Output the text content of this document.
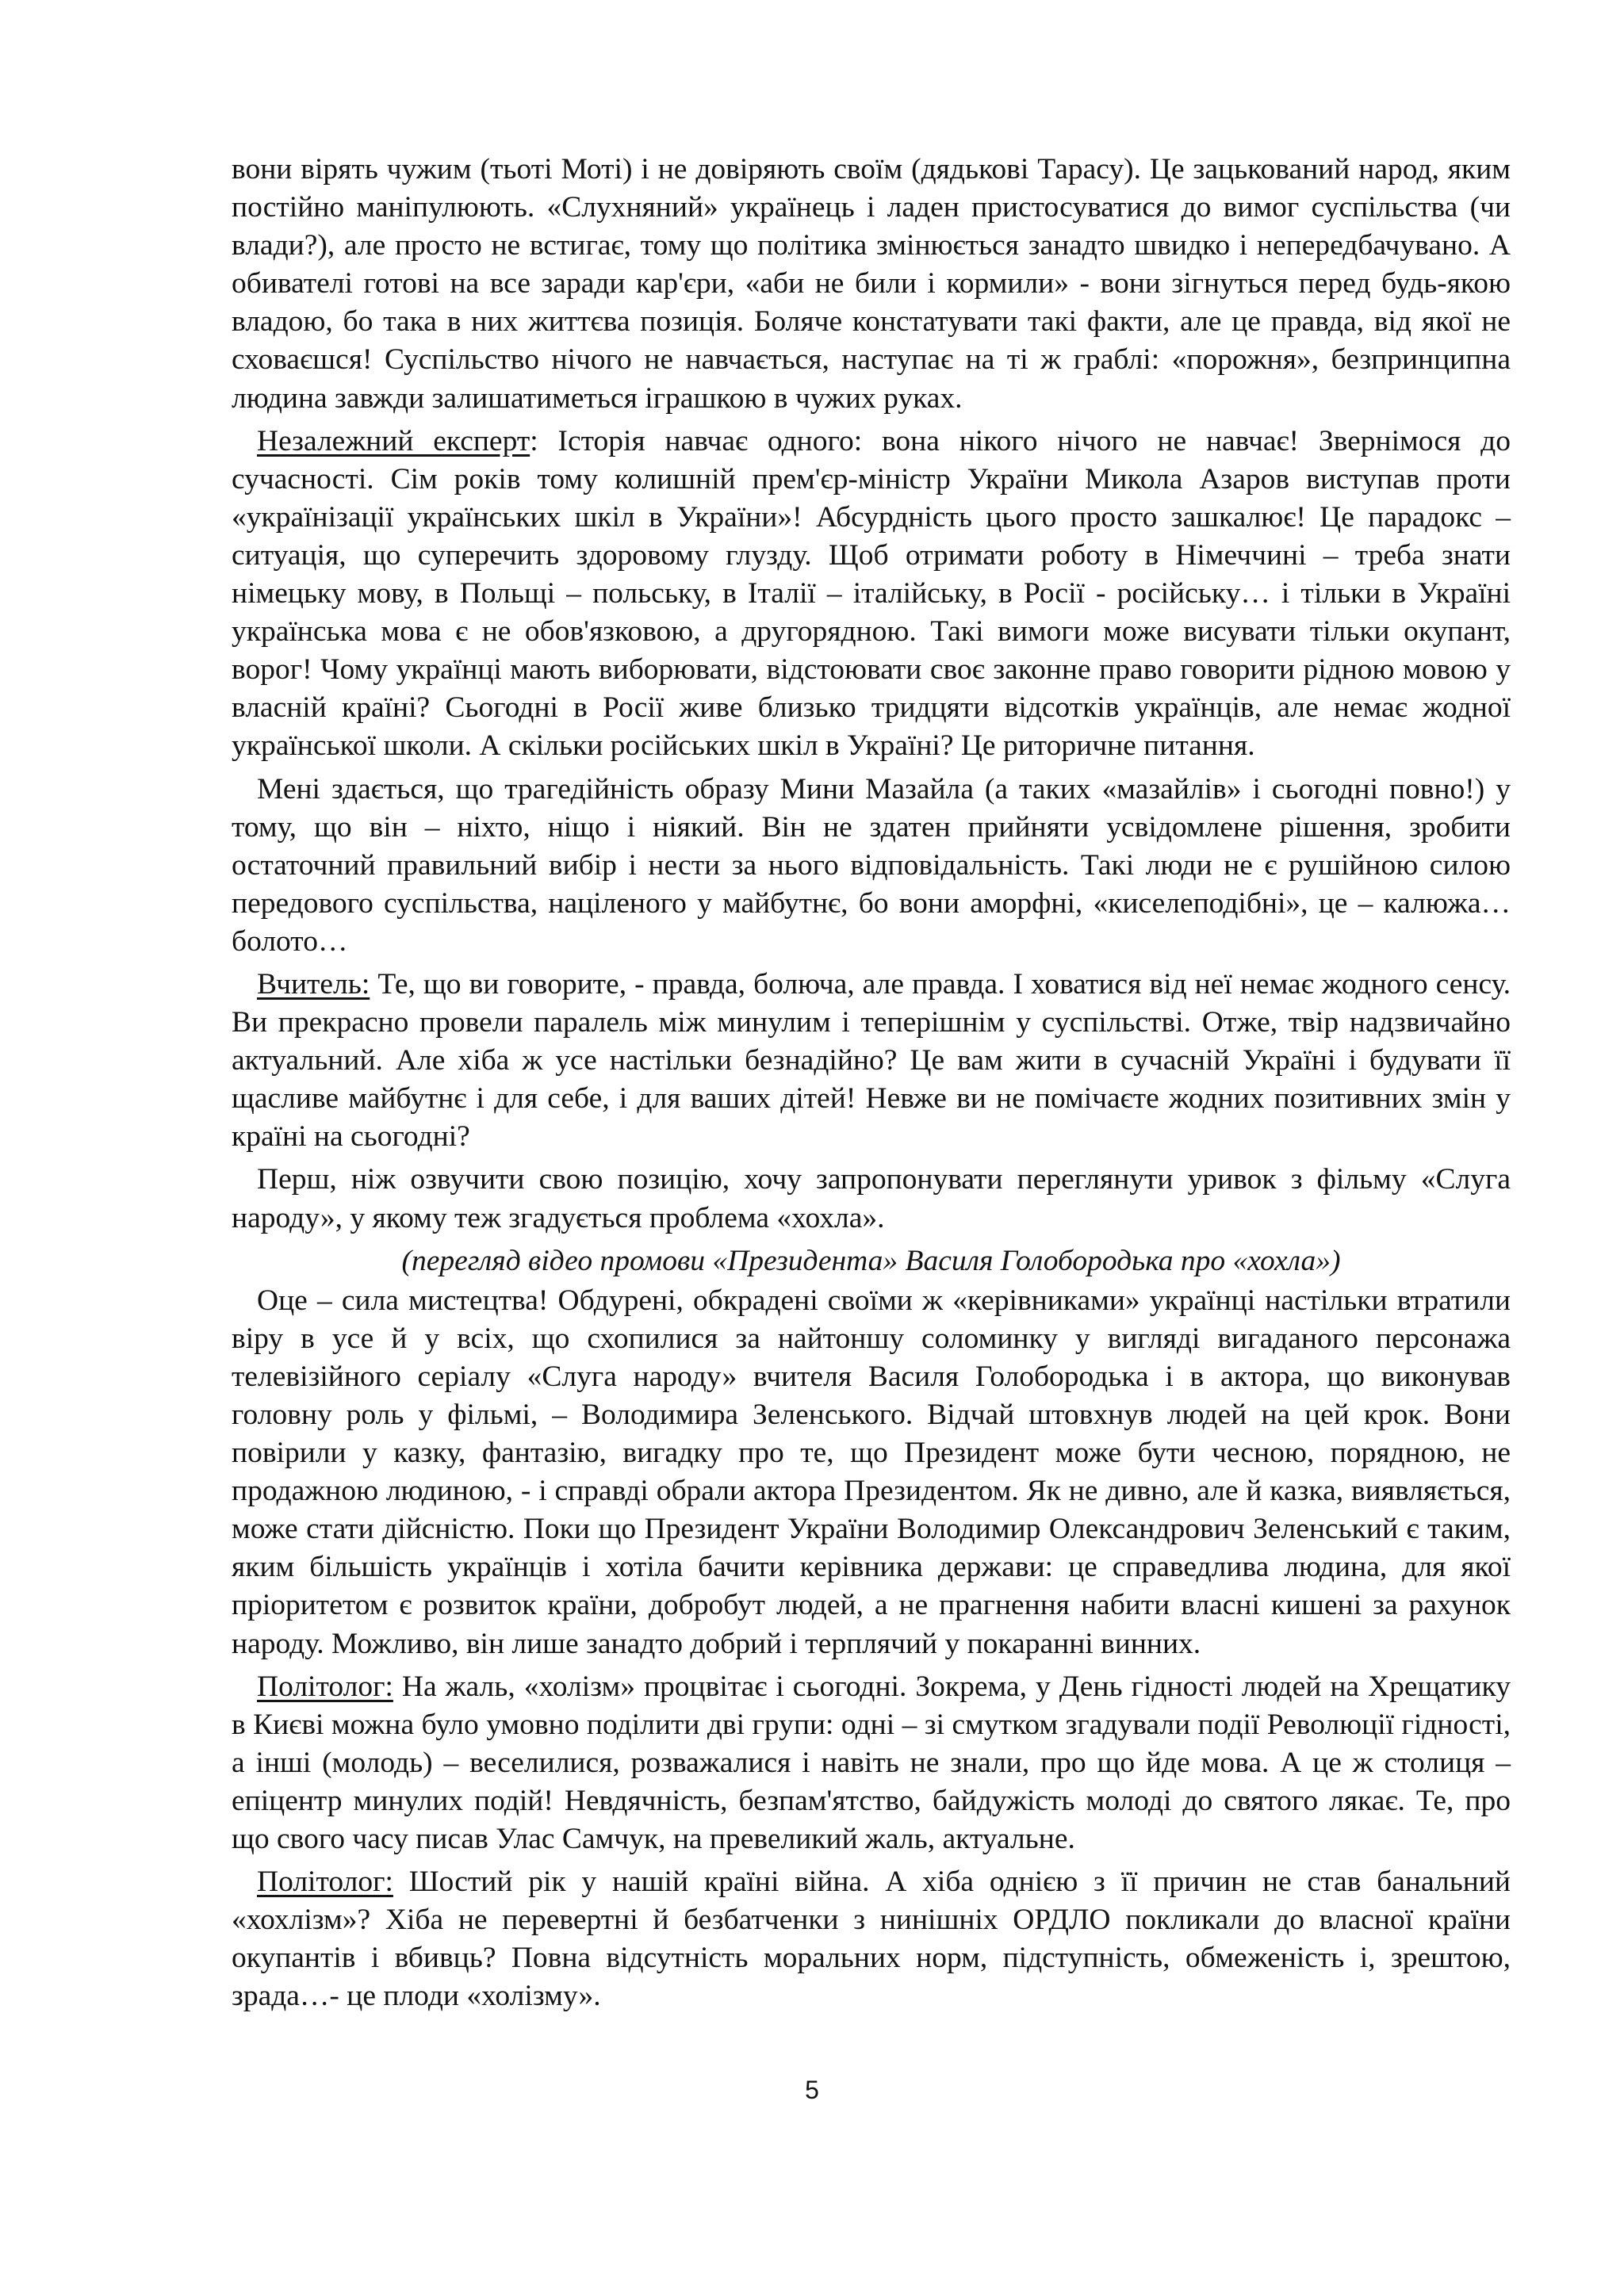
вони вірять чужим (тьоті Моті) і не довіряють своїм (дядькові Тарасу). Це зацькований народ, яким постійно маніпулюють. «Слухняний» українець і ладен пристосуватися до вимог суспільства (чи влади?), але просто не встигає, тому що політика змінюється занадто швидко і непередбачувано. А обивателі готові на все заради кар'єри, «аби не били і кормили» - вони зігнуться перед будь-якою владою, бо така в них життєва позиція. Боляче констатувати такі факти, але це правда, від якої не сховаєшся! Суспільство нічого не навчається, наступає на ті ж граблі: «порожня», безпринципна людина завжди залишатиметься іграшкою в чужих руках.

Незалежний експерт: Історія навчає одного: вона нікого нічого не навчає! Звернімося до сучасності. Сім років тому колишній прем'єр-міністр України Микола Азаров виступав проти «українізації українських шкіл в України»! Абсурдність цього просто зашкалює! Це парадокс – ситуація, що суперечить здоровому глузду. Щоб отримати роботу в Німеччині – треба знати німецьку мову, в Польщі – польську, в Італії – італійську, в Росії - російську… і тільки в Україні українська мова є не обов'язковою, а другорядною. Такі вимоги може висувати тільки окупант, ворог! Чому українці мають виборювати, відстоювати своє законне право говорити рідною мовою у власній країні? Сьогодні в Росії живе близько тридцяти відсотків українців, але немає жодної української школи. А скільки російських шкіл в Україні? Це риторичне питання.

Мені здається, що трагедійність образу Мини Мазайла (а таких «мазайлів» і сьогодні повно!) у тому, що він – ніхто, ніщо і ніякий. Він не здатен прийняти усвідомлене рішення, зробити остаточний правильний вибір і нести за нього відповідальність. Такі люди не є рушійною силою передового суспільства, націленого у майбутнє, бо вони аморфні, «киселеподібні», це – калюжа…болото…

Вчитель: Те, що ви говорите, - правда, болюча, але правда. І ховатися від неї немає жодного сенсу. Ви прекрасно провели паралель між минулим і теперішнім у суспільстві. Отже, твір надзвичайно актуальний. Але хіба ж усе настільки безнадійно? Це вам жити в сучасній Україні і будувати її щасливе майбутнє і для себе, і для ваших дітей! Невже ви не помічаєте жодних позитивних змін у країні на сьогодні?

Перш, ніж озвучити свою позицію, хочу запропонувати переглянути уривок з фільму «Слуга народу», у якому теж згадується проблема «хохла».

(перегляд відео промови «Президента» Василя Голобородька про «хохла»)

Оце – сила мистецтва! Обдурені, обкрадені своїми ж «керівниками» українці настільки втратили віру в усе й у всіх, що схопилися за найтоншу соломинку у вигляді вигаданого персонажа телевізійного серіалу «Слуга народу» вчителя Василя Голобородька і в актора, що виконував головну роль у фільмі, – Володимира Зеленського. Відчай штовхнув людей на цей крок. Вони повірили у казку, фантазію, вигадку про те, що Президент може бути чесною, порядною, не продажною людиною, - і справді обрали актора Президентом. Як не дивно, але й казка, виявляється, може стати дійсністю. Поки що Президент України Володимир Олександрович Зеленський є таким, яким більшість українців і хотіла бачити керівника держави: це справедлива людина, для якої пріоритетом є розвиток країни, добробут людей, а не прагнення набити власні кишені за рахунок народу. Можливо, він лише занадто добрий і терплячий у покаранні винних.

Політолог: На жаль, «холізм» процвітає і сьогодні. Зокрема, у День гідності людей на Хрещатику в Києві можна було умовно поділити дві групи: одні – зі смутком згадували події Революції гідності, а інші (молодь) – веселилися, розважалися і навіть не знали, про що йде мова. А це ж столиця – епіцентр минулих подій! Невдячність, безпам'ятство, байдужість молоді до святого лякає. Те, про що свого часу писав Улас Самчук, на превеликий жаль, актуальне.

Політолог: Шостий рік у нашій країні війна. А хіба однією з її причин не став банальний «хохлізм»? Хіба не перевертні й безбатченки з нинішніх ОРДЛО покликали до власної країни окупантів і вбивць? Повна відсутність моральних норм, підступність, обмеженість і, зрештою, зрада…- це плоди «холізму».

5
